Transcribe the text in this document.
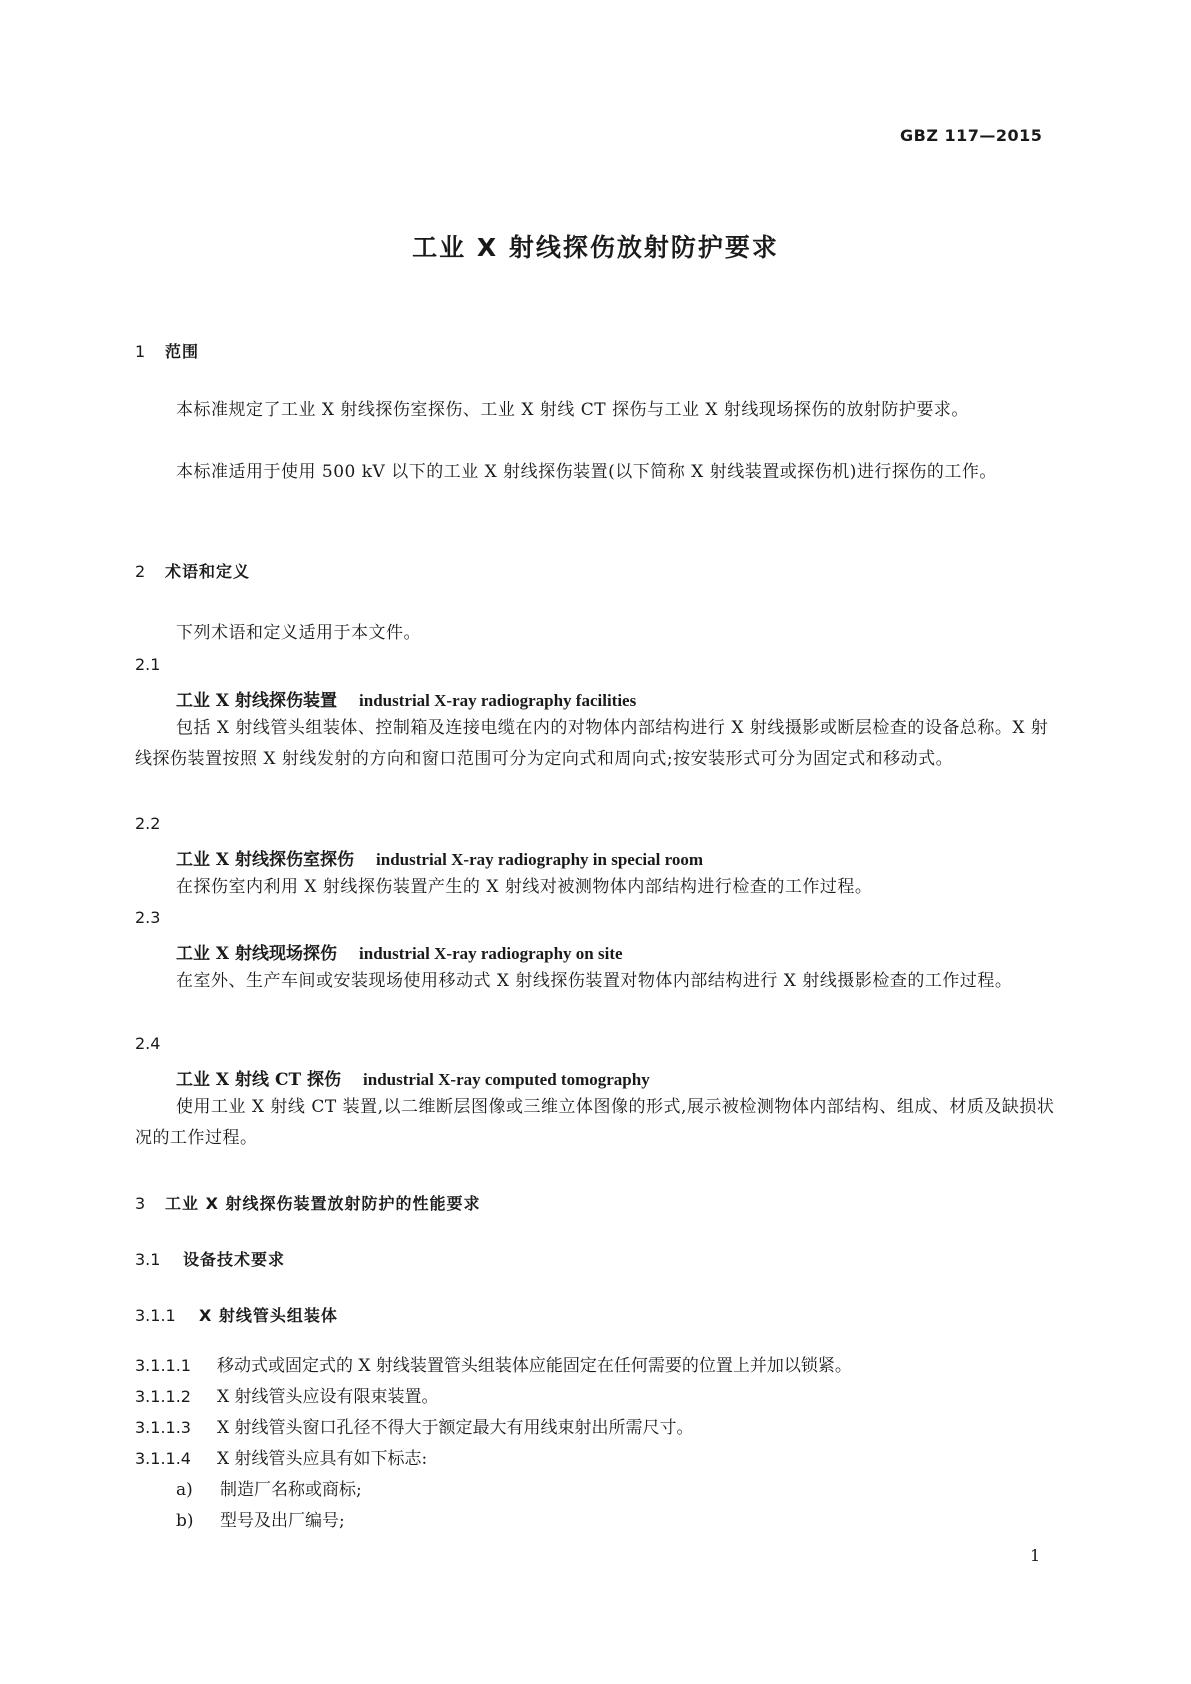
GBZ 117—2015
工业 X 射线探伤放射防护要求
1 范围
本标准规定了工业 X 射线探伤室探伤、工业 X 射线 CT 探伤与工业 X 射线现场探伤的放射防护要求。
本标准适用于使用 500 kV 以下的工业 X 射线探伤装置(以下简称 X 射线装置或探伤机)进行探伤的工作。
2 术语和定义
下列术语和定义适用于本文件。
2.1
工业 X 射线探伤装置 industrial X-ray radiography facilities
包括 X 射线管头组装体、控制箱及连接电缆在内的对物体内部结构进行 X 射线摄影或断层检查的设备总称。X 射线探伤装置按照 X 射线发射的方向和窗口范围可分为定向式和周向式;按安装形式可分为固定式和移动式。
2.2
工业 X 射线探伤室探伤 industrial X-ray radiography in special room
在探伤室内利用 X 射线探伤装置产生的 X 射线对被测物体内部结构进行检查的工作过程。
2.3
工业 X 射线现场探伤 industrial X-ray radiography on site
在室外、生产车间或安装现场使用移动式 X 射线探伤装置对物体内部结构进行 X 射线摄影检查的工作过程。
2.4
工业 X 射线 CT 探伤 industrial X-ray computed tomography
使用工业 X 射线 CT 装置,以二维断层图像或三维立体图像的形式,展示被检测物体内部结构、组成、材质及缺损状况的工作过程。
3 工业 X 射线探伤装置放射防护的性能要求
3.1 设备技术要求
3.1.1 X 射线管头组装体
3.1.1.1 移动式或固定式的 X 射线装置管头组装体应能固定在任何需要的位置上并加以锁紧。
3.1.1.2 X 射线管头应设有限束装置。
3.1.1.3 X 射线管头窗口孔径不得大于额定最大有用线束射出所需尺寸。
3.1.1.4 X 射线管头应具有如下标志:
a) 制造厂名称或商标;
b) 型号及出厂编号;
1
